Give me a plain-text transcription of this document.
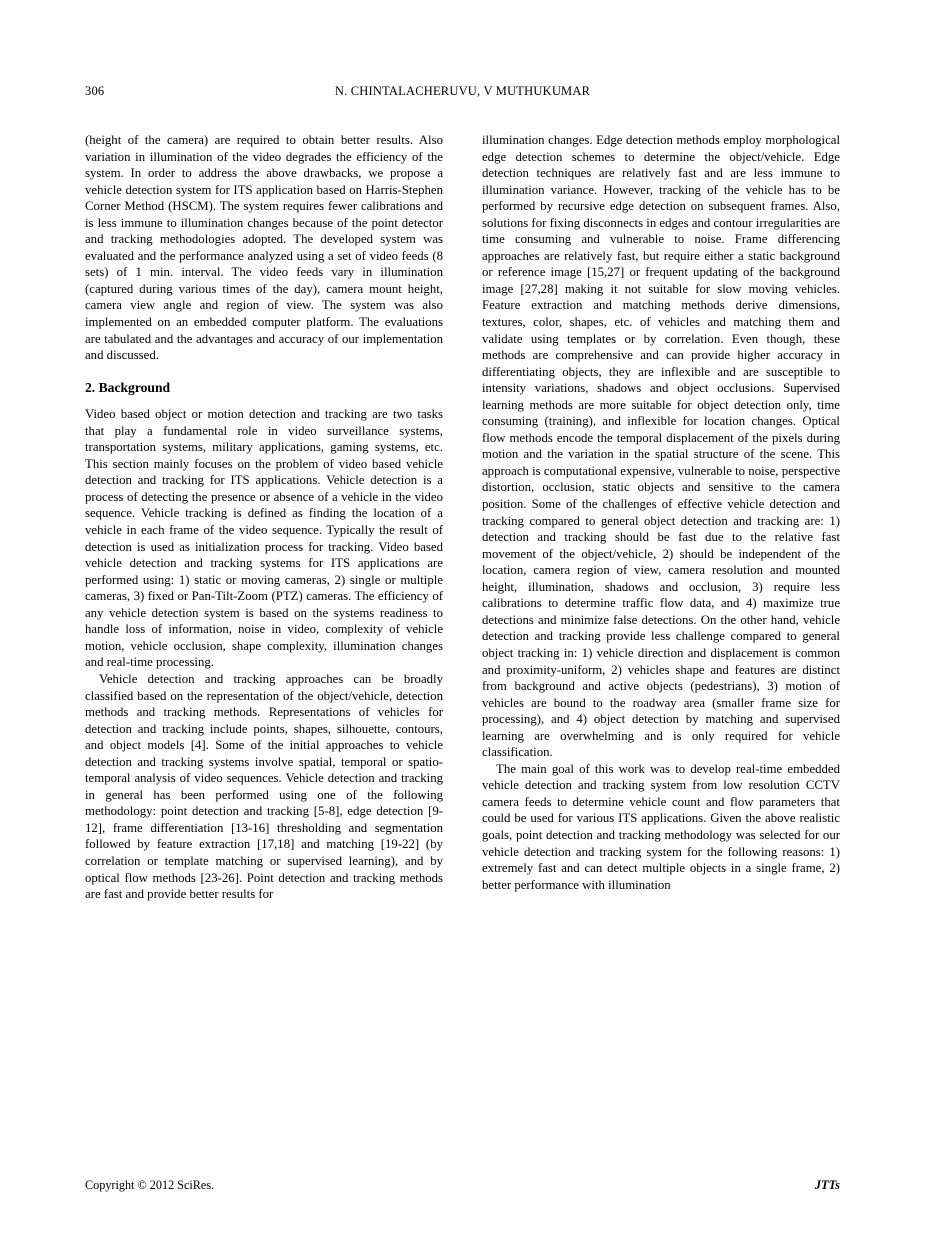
306	N. CHINTALACHERUVU, V MUTHUKUMAR

(height of the camera) are required to obtain better results. Also variation in illumination of the video degrades the efficiency of the system. In order to address the above drawbacks, we propose a vehicle detection system for ITS application based on Harris-Stephen Corner Method (HSCM). The system requires fewer calibrations and is less immune to illumination changes because of the point detector and tracking methodologies adopted. The developed system was evaluated and the performance analyzed using a set of video feeds (8 sets) of 1 min. interval. The video feeds vary in illumination (captured during various times of the day), camera mount height, camera view angle and region of view. The system was also implemented on an embedded computer platform. The evaluations are tabulated and the advantages and accuracy of our implementation and discussed.

2. Background

Video based object or motion detection and tracking are two tasks that play a fundamental role in video surveillance systems, transportation systems, military applications, gaming systems, etc. This section mainly focuses on the problem of video based vehicle detection and tracking for ITS applications. Vehicle detection is a process of detecting the presence or absence of a vehicle in the video sequence. Vehicle tracking is defined as finding the location of a vehicle in each frame of the video sequence. Typically the result of detection is used as initialization process for tracking. Video based vehicle detection and tracking systems for ITS applications are performed using: 1) static or moving cameras, 2) single or multiple cameras, 3) fixed or Pan-Tilt-Zoom (PTZ) cameras. The efficiency of any vehicle detection system is based on the systems readiness to handle loss of information, noise in video, complexity of vehicle motion, vehicle occlusion, shape complexity, illumination changes and real-time processing.

Vehicle detection and tracking approaches can be broadly classified based on the representation of the object/vehicle, detection methods and tracking methods. Representations of vehicles for detection and tracking include points, shapes, silhouette, contours, and object models [4]. Some of the initial approaches to vehicle detection and tracking systems involve spatial, temporal or spatio-temporal analysis of video sequences. Vehicle detection and tracking in general has been performed using one of the following methodology: point detection and tracking [5-8], edge detection [9-12], frame differentiation [13-16] thresholding and segmentation followed by feature extraction [17,18] and matching [19-22] (by correlation or template matching or supervised learning), and by optical flow methods [23-26]. Point detection and tracking methods are fast and provide better results for

illumination changes. Edge detection methods employ morphological edge detection schemes to determine the object/vehicle. Edge detection techniques are relatively fast and are less immune to illumination variance. However, tracking of the vehicle has to be performed by recursive edge detection on subsequent frames. Also, solutions for fixing disconnects in edges and contour irregularities are time consuming and vulnerable to noise. Frame differencing approaches are relatively fast, but require either a static background or reference image [15,27] or frequent updating of the background image [27,28] making it not suitable for slow moving vehicles. Feature extraction and matching methods derive dimensions, textures, color, shapes, etc. of vehicles and matching them and validate using templates or by correlation. Even though, these methods are comprehensive and can provide higher accuracy in differentiating objects, they are inflexible and are susceptible to intensity variations, shadows and object occlusions. Supervised learning methods are more suitable for object detection only, time consuming (training), and inflexible for location changes. Optical flow methods encode the temporal displacement of the pixels during motion and the variation in the spatial structure of the scene. This approach is computational expensive, vulnerable to noise, perspective distortion, occlusion, static objects and sensitive to the camera position. Some of the challenges of effective vehicle detection and tracking compared to general object detection and tracking are: 1) detection and tracking should be fast due to the relative fast movement of the object/vehicle, 2) should be independent of the location, camera region of view, camera resolution and mounted height, illumination, shadows and occlusion, 3) require less calibrations to determine traffic flow data, and 4) maximize true detections and minimize false detections. On the other hand, vehicle detection and tracking provide less challenge compared to general object tracking in: 1) vehicle direction and displacement is common and proximity-uniform, 2) vehicles shape and features are distinct from background and active objects (pedestrians), 3) motion of vehicles are bound to the roadway area (smaller frame size for processing), and 4) object detection by matching and supervised learning are overwhelming and is only required for vehicle classification.

The main goal of this work was to develop real-time embedded vehicle detection and tracking system from low resolution CCTV camera feeds to determine vehicle count and flow parameters that could be used for various ITS applications. Given the above realistic goals, point detection and tracking methodology was selected for our vehicle detection and tracking system for the following reasons: 1) extremely fast and can detect multiple objects in a single frame, 2) better performance with illumination

Copyright © 2012 SciRes.	JTTs
